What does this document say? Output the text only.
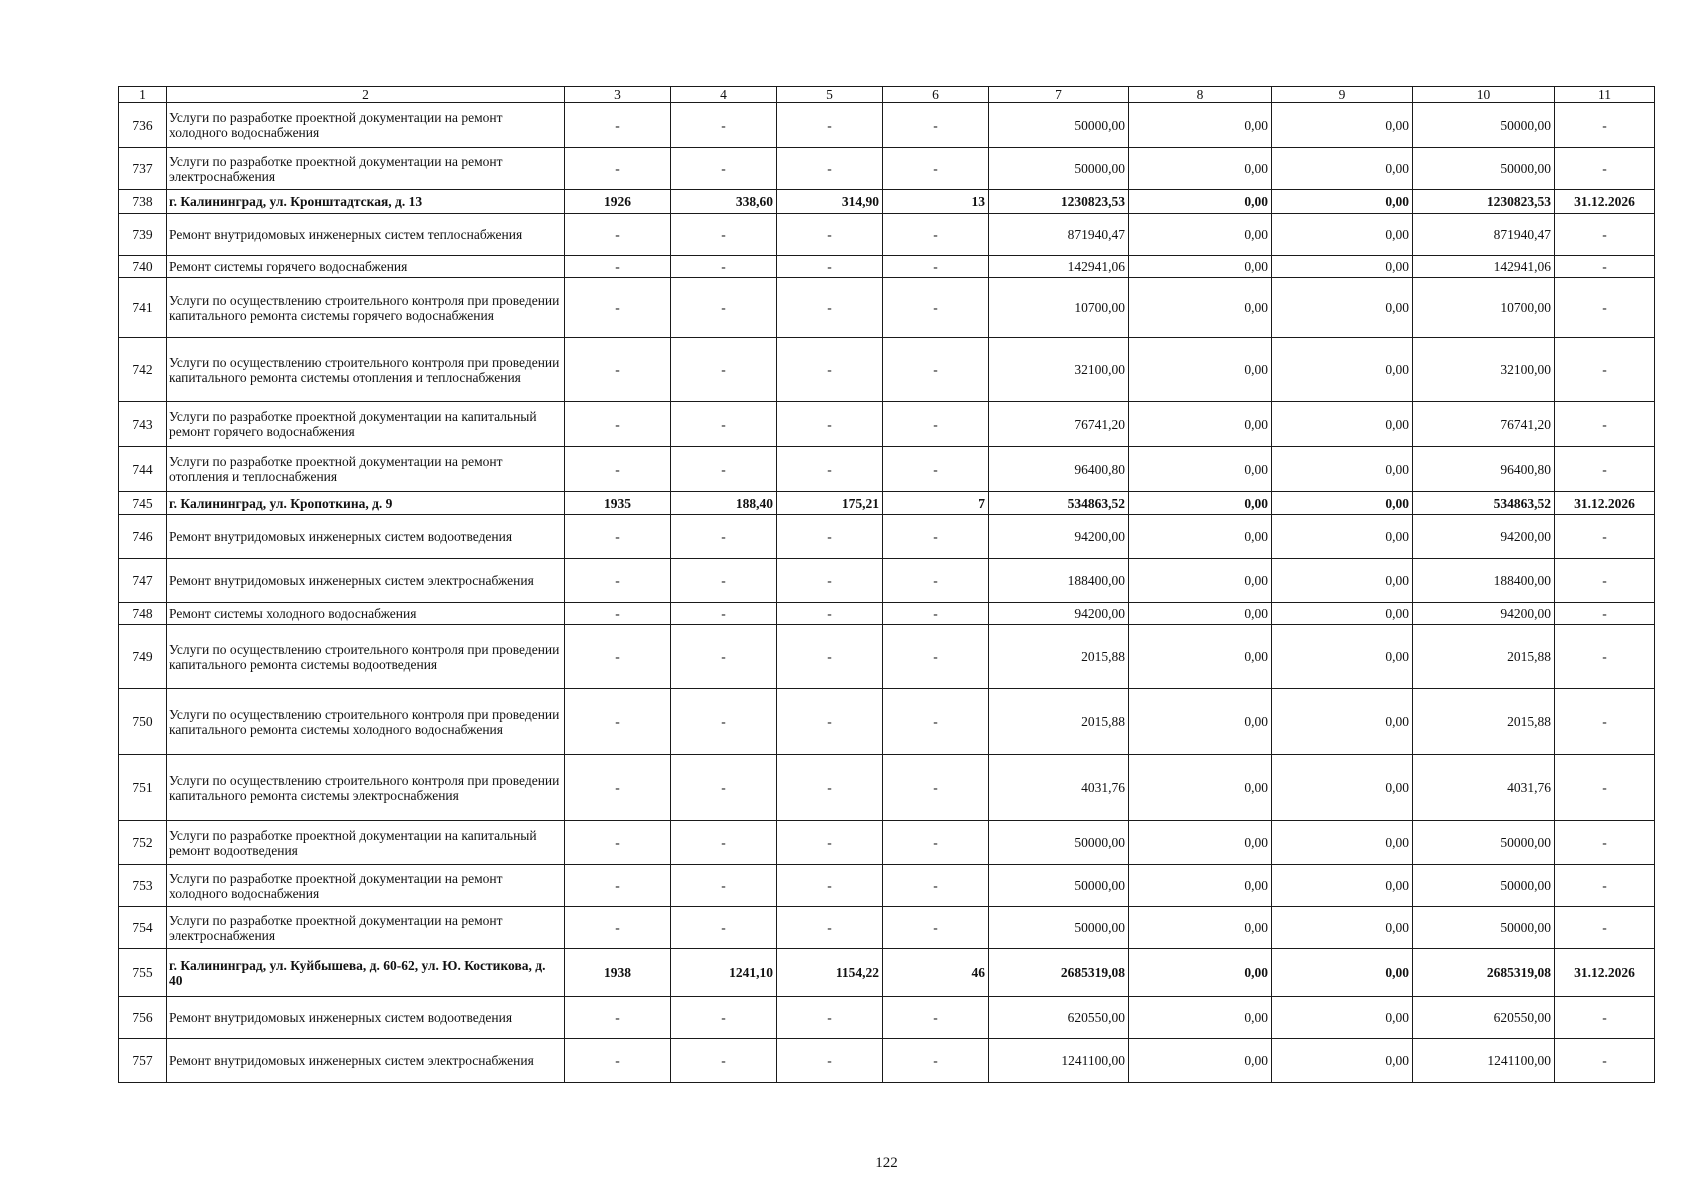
1	2	3	4	5	6	7	8	9	10	11
736	Услуги по разработке проектной документации на ремонт холодного водоснабжения	-	-	-	-	50000,00	0,00	0,00	50000,00	-
737	Услуги по разработке проектной документации на ремонт электроснабжения	-	-	-	-	50000,00	0,00	0,00	50000,00	-
738	г. Калининград, ул. Кронштадтская, д. 13	1926	338,60	314,90	13	1230823,53	0,00	0,00	1230823,53	31.12.2026
739	Ремонт внутридомовых инженерных систем теплоснабжения	-	-	-	-	871940,47	0,00	0,00	871940,47	-
740	Ремонт системы горячего водоснабжения	-	-	-	-	142941,06	0,00	0,00	142941,06	-
741	Услуги по осуществлению строительного контроля при проведении капитального ремонта системы горячего водоснабжения	-	-	-	-	10700,00	0,00	0,00	10700,00	-
742	Услуги по осуществлению строительного контроля при проведении капитального ремонта системы отопления и теплоснабжения	-	-	-	-	32100,00	0,00	0,00	32100,00	-
743	Услуги по разработке проектной документации на капитальный ремонт горячего водоснабжения	-	-	-	-	76741,20	0,00	0,00	76741,20	-
744	Услуги по разработке проектной документации на ремонт отопления и теплоснабжения	-	-	-	-	96400,80	0,00	0,00	96400,80	-
745	г. Калининград, ул. Кропоткина, д. 9	1935	188,40	175,21	7	534863,52	0,00	0,00	534863,52	31.12.2026
746	Ремонт внутридомовых инженерных систем водоотведения	-	-	-	-	94200,00	0,00	0,00	94200,00	-
747	Ремонт внутридомовых инженерных систем электроснабжения	-	-	-	-	188400,00	0,00	0,00	188400,00	-
748	Ремонт системы холодного водоснабжения	-	-	-	-	94200,00	0,00	0,00	94200,00	-
749	Услуги по осуществлению строительного контроля при проведении капитального ремонта системы водоотведения	-	-	-	-	2015,88	0,00	0,00	2015,88	-
750	Услуги по осуществлению строительного контроля при проведении капитального ремонта системы холодного водоснабжения	-	-	-	-	2015,88	0,00	0,00	2015,88	-
751	Услуги по осуществлению строительного контроля при проведении капитального ремонта системы электроснабжения	-	-	-	-	4031,76	0,00	0,00	4031,76	-
752	Услуги по разработке проектной документации на капитальный ремонт водоотведения	-	-	-	-	50000,00	0,00	0,00	50000,00	-
753	Услуги по разработке проектной документации на ремонт холодного водоснабжения	-	-	-	-	50000,00	0,00	0,00	50000,00	-
754	Услуги по разработке проектной документации на ремонт электроснабжения	-	-	-	-	50000,00	0,00	0,00	50000,00	-
755	г. Калининград, ул. Куйбышева, д. 60-62, ул. Ю. Костикова, д. 40	1938	1241,10	1154,22	46	2685319,08	0,00	0,00	2685319,08	31.12.2026
756	Ремонт внутридомовых инженерных систем водоотведения	-	-	-	-	620550,00	0,00	0,00	620550,00	-
757	Ремонт внутридомовых инженерных систем электроснабжения	-	-	-	-	1241100,00	0,00	0,00	1241100,00	-
122
